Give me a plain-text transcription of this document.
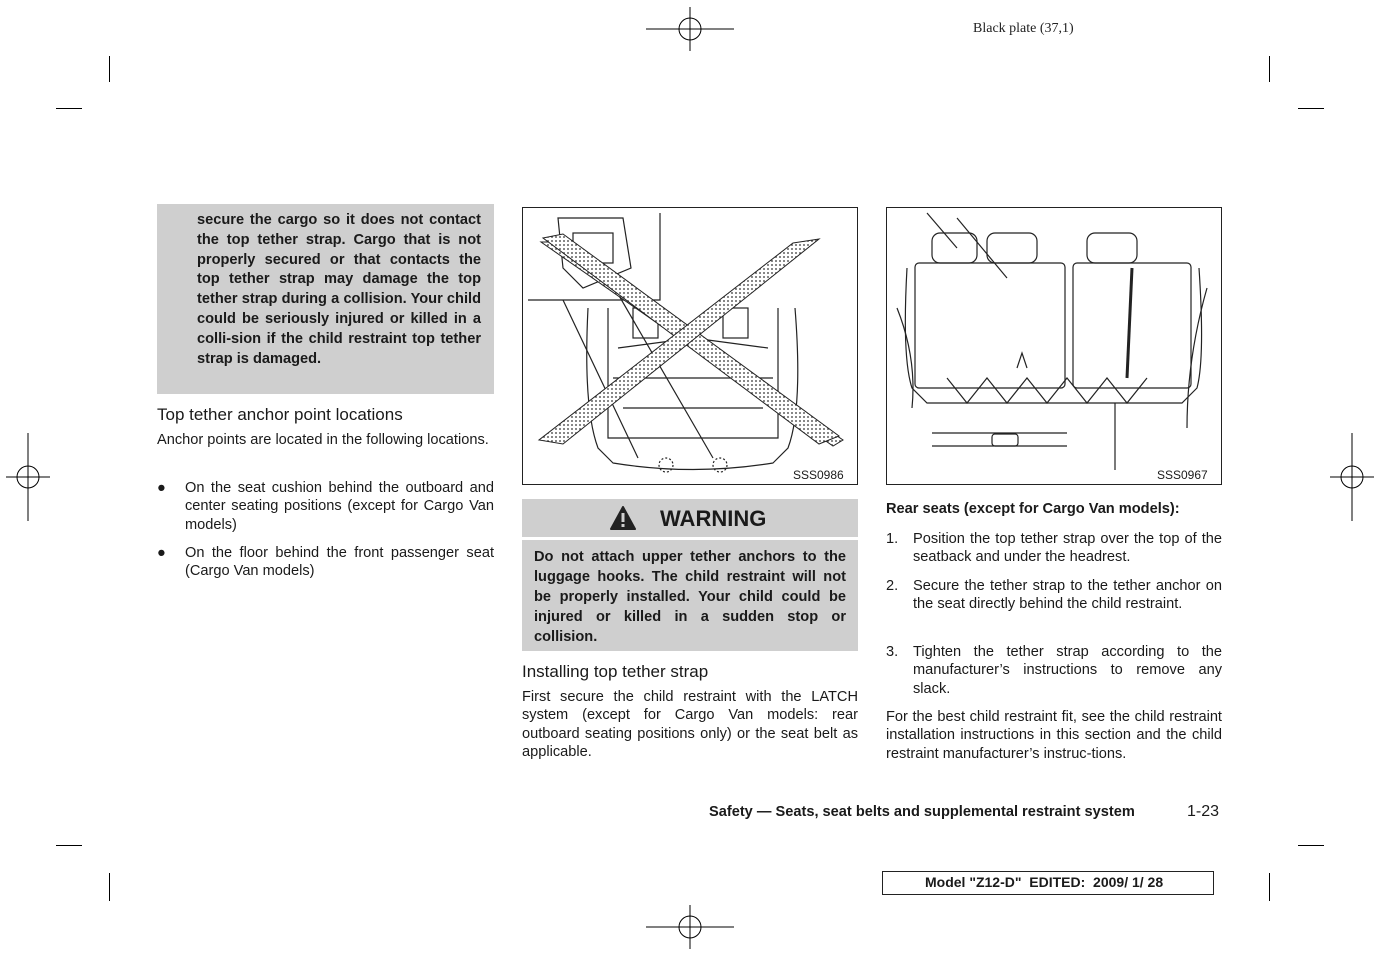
Black plate (37,1)

secure the cargo so it does not contact the top tether strap. Cargo that is not properly secured or that contacts the top tether strap may damage the top tether strap during a collision. Your child could be seriously injured or killed in a colli-sion if the child restraint top tether strap is damaged.

Top tether anchor point locations

Anchor points are located in the following locations.

● On the seat cushion behind the outboard and center seating positions (except for Cargo Van models)
● On the floor behind the front passenger seat (Cargo Van models)
SSS0986
WARNING

Do not attach upper tether anchors to the luggage hooks. The child restraint will not be properly installed. Your child could be injured or killed in a sudden stop or collision.

Installing top tether strap

First secure the child restraint with the LATCH system (except for Cargo Van models: rear outboard seating positions only) or the seat belt as applicable.

SSS0967
Rear seats (except for Cargo Van models):
1. Position the top tether strap over the top of the seatback and under the headrest.
2. Secure the tether strap to the tether anchor on the seat directly behind the child restraint.
3. Tighten the tether strap according to the manufacturer’s instructions to remove any slack.

For the best child restraint fit, see the child restraint installation instructions in this section and the child restraint manufacturer’s instruc-tions.

Safety — Seats, seat belts and supplemental restraint system	1-23
Model "Z12-D"  EDITED:  2009/ 1/ 28
